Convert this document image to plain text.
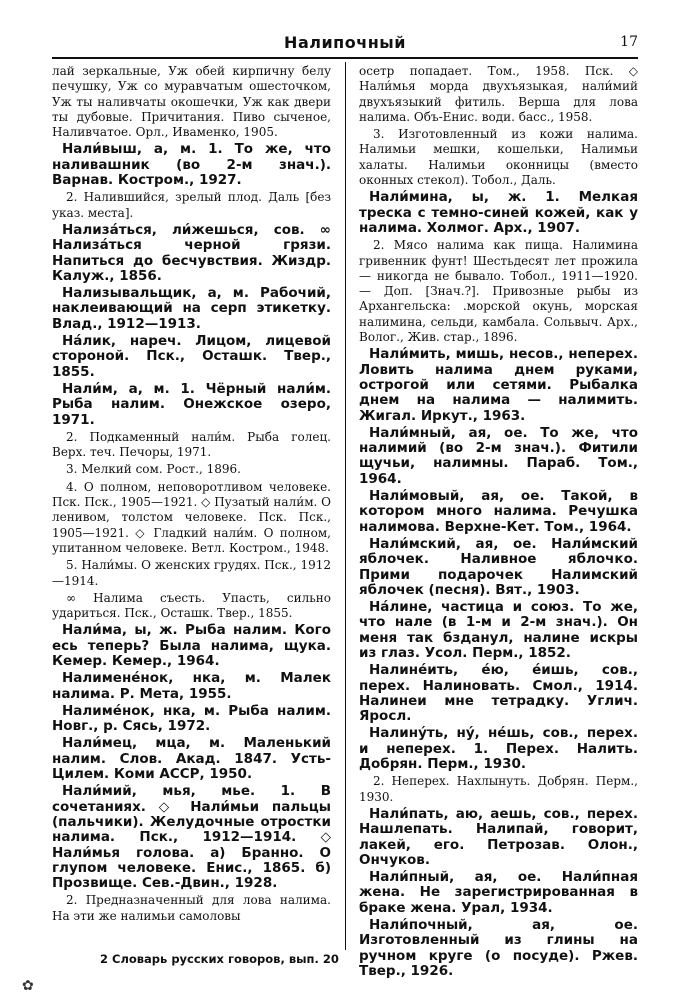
Налипочный	17

лай зеркальные, Уж обей кирпичну белу печушку, Уж со муравчатым ошесточком, Уж ты наливчаты окошечки, Уж как двери ты дубовые. Причитания. Пиво сыченое, Наливчатое. Орл., Иваменко, 1905.

Нали́выш, а, м. 1. То же, что наливашник (во 2-м знач.). Варнав. Костром., 1927.

2. Налившийся, зрелый плод. Даль [без указ. места].

Нализа́ться, ли́жешься, сов. ∞ Нализа́ться черной грязи. Напиться до бесчувствия. Жиздр. Калуж., 1856.

Нализывальщик, а, м. Рабочий, наклеивающий на серп этикетку. Влад., 1912—1913.

На́лик, нареч. Лицом, лицевой стороной. Пск., Осташк. Твер., 1855.

Нали́м, а, м. 1. Чёрный нали́м. Рыба налим. Онежское озеро, 1971.

2. Подкаменный нали́м. Рыба голец. Верх. теч. Печоры, 1971.

3. Мелкий сом. Рост., 1896.

4. О полном, неповоротливом человеке. Пск. Пск., 1905—1921. ◇ Пузатый нали́м. О ленивом, толстом человеке. Пск. Пск., 1905—1921. ◇ Гладкий нали́м. О полном, упитанном человеке. Ветл. Костром., 1948.

5. Нали́мы. О женских грудях. Пск., 1912—1914.

∞ Налима съесть. Упасть, сильно удариться. Пск., Осташк. Твер., 1855.

Нали́ма, ы, ж. Рыба налим. Кого есь теперь? Была налима, щука. Кемер. Кемер., 1964.

Налимене́нок, нка, м. Малек налима. Р. Мета, 1955.

Налиме́нок, нка, м. Рыба налим. Новг., р. Сясь, 1972.

Нали́мец, мца, м. Маленький налим. Слов. Акад. 1847. Усть-Цилем. Коми АССР, 1950.

Нали́мий, мья, мье. 1. В сочетаниях. ◇ Нали́мьи пальцы (пальчики). Желудочные отростки налима. Пск., 1912—1914. ◇ Нали́мья голова. а) Бранно. О глупом человеке. Енис., 1865. б) Прозвище. Сев.-Двин., 1928.

2. Предназначенный для лова налима. На эти же налимьи самоловы

осетр попадает. Том., 1958. Пск. ◇ Нали́мья морда двухъязыкая, нали́мий двухъязыкий фитиль. Верша для лова налима. Объ-Енис. води. басс., 1958.

3. Изготовленный из кожи налима. Налимьи мешки, кошельки, Налимьи халаты. Налимьи оконницы (вместо оконных стекол). Тобол., Даль.

Нали́мина, ы, ж. 1. Мелкая треска с темно-синей кожей, как у налима. Холмог. Арх., 1907.

2. Мясо налима как пища. Налимина гривенник фунт! Шестьдесят лет прожила — никогда не бывало. Тобол., 1911—1920. — Доп. [Знач.?]. Привозные рыбы из Архангельска: .морской окунь, морская налимина, сельди, камбала. Сольвыч. Арх., Волог., Жив. стар., 1896.

Нали́мить, мишь, несов., неперех. Ловить налима днем руками, острогой или сетями. Рыбалка днем на налима — налимить. Жигал. Иркут., 1963.

Нали́мный, ая, ое. То же, что налимий (во 2-м знач.). Фитили щучьи, налимны. Параб. Том., 1964.

Нали́мовый, ая, ое. Такой, в котором много налима. Речушка налимова. Верхне-Кет. Том., 1964.

Нали́мский, ая, ое. Нали́мский яблочек. Наливное яблочко. Прими подарочек Налимский яблочек (песня). Вят., 1903.

На́лине, частица и союз. То же, что нале (в 1-м и 2-м знач.). Он меня так бзданул, налине искры из глаз. Усол. Перм., 1852.

Налине́ить, е́ю, е́ишь, сов., перех. Налиновать. Смол., 1914. Налинеи мне тетрадку. Углич. Яросл.

Налину́ть, ну́, не́шь, сов., перех. и неперех. 1. Перех. Налить. Добрян. Перм., 1930.

2. Неперех. Нахлынуть. Добрян. Перм., 1930.

Нали́пать, аю, аешь, сов., перех. Нашлепать. Налипай, говорит, лакей, его. Петрозав. Олон., Ончуков.

Нали́пный, ая, ое. Нали́пная жена. Не зарегистрированная в браке жена. Урал, 1934.

Нали́почный, ая, ое. Изготовленный из глины на ручном круге (о посуде). Ржев. Твер., 1926.

2 Словарь русских говоров, вып. 20
✿
